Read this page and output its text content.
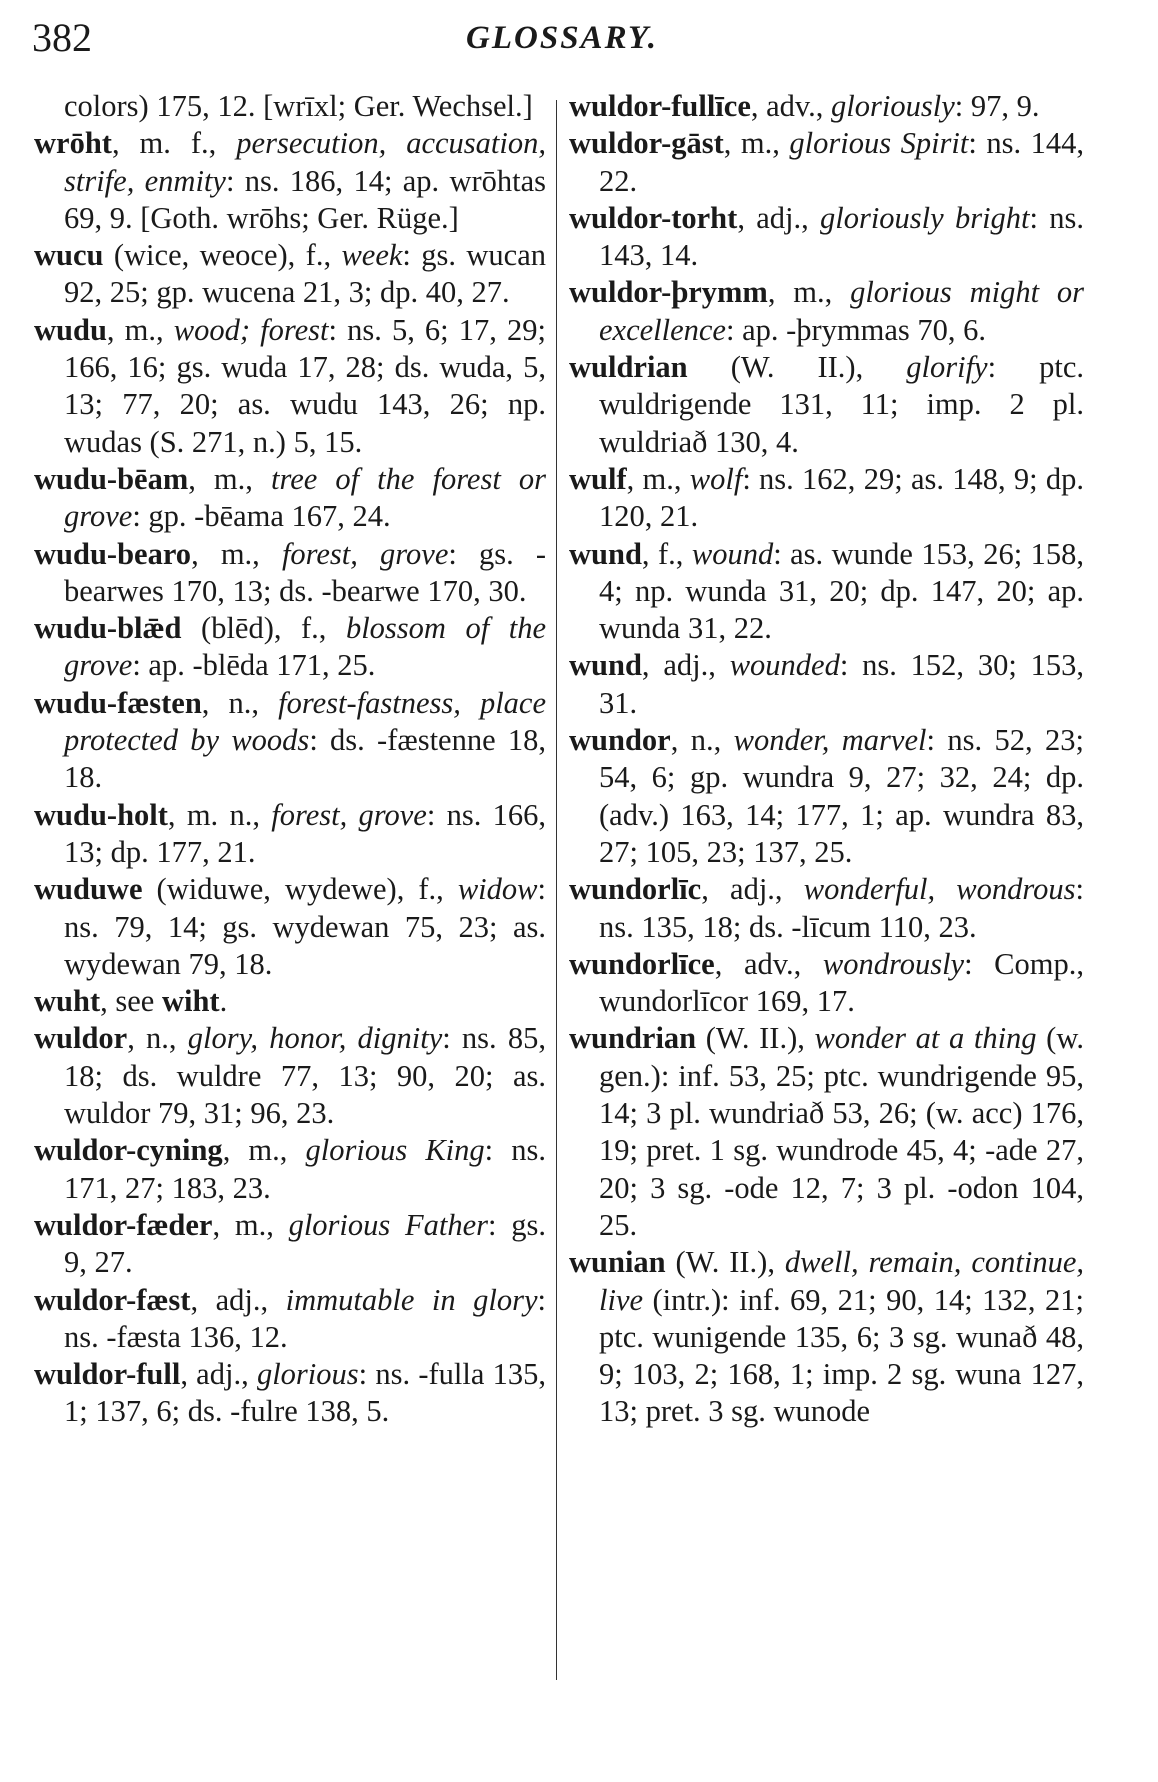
382	GLOSSARY.

colors) 175, 12. [wrīxl; Ger. Wechsel.]

wrōht, m. f., persecution, accusation, strife, enmity: ns. 186, 14; ap. wrōhtas 69, 9. [Goth. wrōhs; Ger. Rüge.]

wucu (wice, weoce), f., week: gs. wucan 92, 25; gp. wucena 21, 3; dp. 40, 27.

wudu, m., wood; forest: ns. 5, 6; 17, 29; 166, 16; gs. wuda 17, 28; ds. wuda, 5, 13; 77, 20; as. wudu 143, 26; np. wudas (S. 271, n.) 5, 15.

wudu-bēam, m., tree of the forest or grove: gp. -bēama 167, 24.

wudu-bearo, m., forest, grove: gs. -bearwes 170, 13; ds. -bearwe 170, 30.

wudu-blǣd (blēd), f., blossom of the grove: ap. -blēda 171, 25.

wudu-fæsten, n., forest-fastness, place protected by woods: ds. -fæstenne 18, 18.

wudu-holt, m. n., forest, grove: ns. 166, 13; dp. 177, 21.

wuduwe (widuwe, wydewe), f., widow: ns. 79, 14; gs. wydewan 75, 23; as. wydewan 79, 18.

wuht, see wiht.

wuldor, n., glory, honor, dignity: ns. 85, 18; ds. wuldre 77, 13; 90, 20; as. wuldor 79, 31; 96, 23.

wuldor-cyning, m., glorious King: ns. 171, 27; 183, 23.

wuldor-fæder, m., glorious Father: gs. 9, 27.

wuldor-fæst, adj., immutable in glory: ns. -fæsta 136, 12.

wuldor-full, adj., glorious: ns. -fulla 135, 1; 137, 6; ds. -fulre 138, 5.

wuldor-fullīce, adv., gloriously: 97, 9.

wuldor-gāst, m., glorious Spirit: ns. 144, 22.

wuldor-torht, adj., gloriously bright: ns. 143, 14.

wuldor-þrymm, m., glorious might or excellence: ap. -þrymmas 70, 6.

wuldrian (W. II.), glorify: ptc. wuldrigende 131, 11; imp. 2 pl. wuldriað 130, 4.

wulf, m., wolf: ns. 162, 29; as. 148, 9; dp. 120, 21.

wund, f., wound: as. wunde 153, 26; 158, 4; np. wunda 31, 20; dp. 147, 20; ap. wunda 31, 22.

wund, adj., wounded: ns. 152, 30; 153, 31.

wundor, n., wonder, marvel: ns. 52, 23; 54, 6; gp. wundra 9, 27; 32, 24; dp. (adv.) 163, 14; 177, 1; ap. wundra 83, 27; 105, 23; 137, 25.

wundorlīc, adj., wonderful, wondrous: ns. 135, 18; ds. -līcum 110, 23.

wundorlīce, adv., wondrously: Comp., wundorlīcor 169, 17.

wundrian (W. II.), wonder at a thing (w. gen.): inf. 53, 25; ptc. wundrigende 95, 14; 3 pl. wundriað 53, 26; (w. acc) 176, 19; pret. 1 sg. wundrode 45, 4; -ade 27, 20; 3 sg. -ode 12, 7; 3 pl. -odon 104, 25.

wunian (W. II.), dwell, remain, continue, live (intr.): inf. 69, 21; 90, 14; 132, 21; ptc. wunigende 135, 6; 3 sg. wunað 48, 9; 103, 2; 168, 1; imp. 2 sg. wuna 127, 13; pret. 3 sg. wunode
